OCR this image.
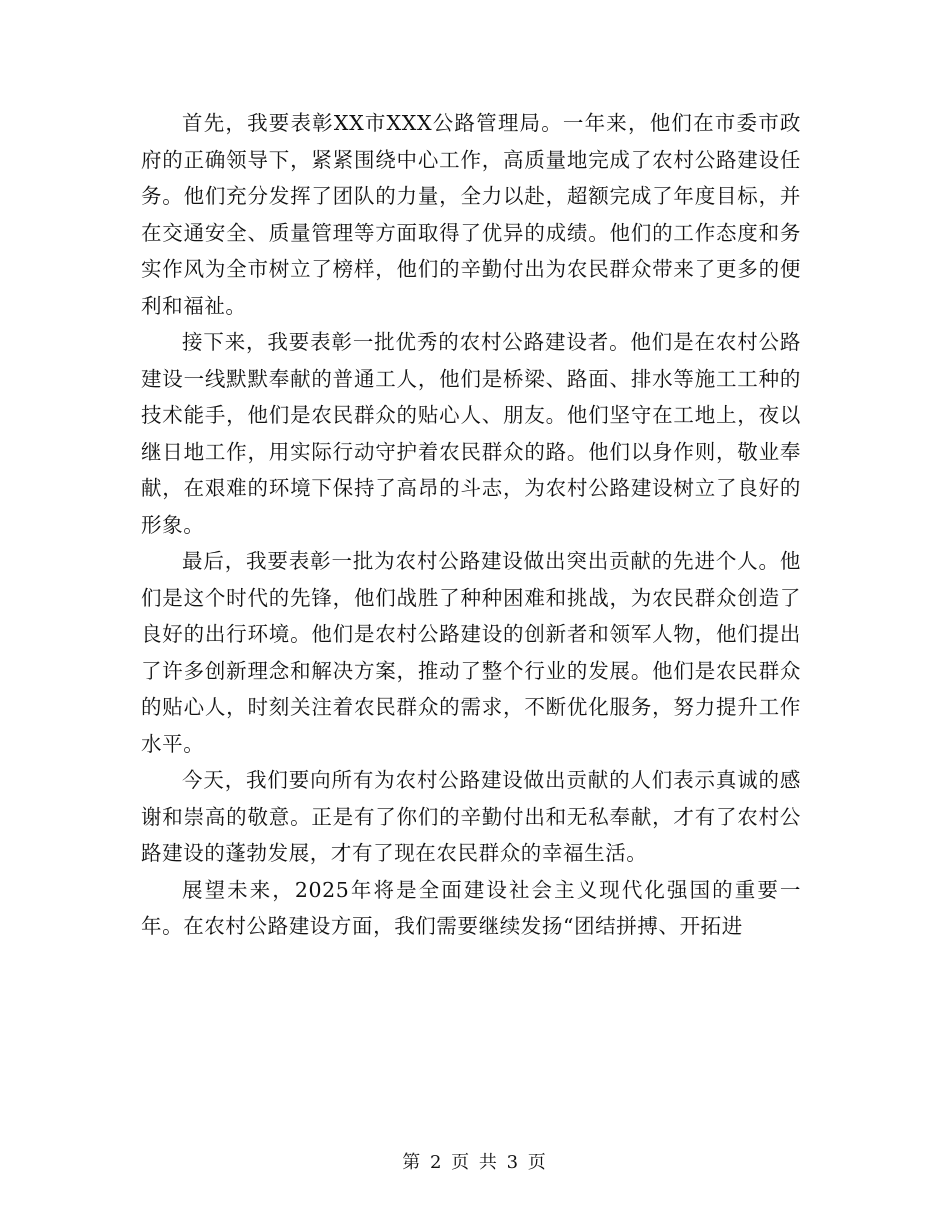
首先，我要表彰XX市XXX公路管理局。一年来，他们在市委市政府的正确领导下，紧紧围绕中心工作，高质量地完成了农村公路建设任务。他们充分发挥了团队的力量，全力以赴，超额完成了年度目标，并在交通安全、质量管理等方面取得了优异的成绩。他们的工作态度和务实作风为全市树立了榜样，他们的辛勤付出为农民群众带来了更多的便利和福祉。

接下来，我要表彰一批优秀的农村公路建设者。他们是在农村公路建设一线默默奉献的普通工人，他们是桥梁、路面、排水等施工工种的技术能手，他们是农民群众的贴心人、朋友。他们坚守在工地上，夜以继日地工作，用实际行动守护着农民群众的路。他们以身作则，敬业奉献，在艰难的环境下保持了高昂的斗志，为农村公路建设树立了良好的形象。

最后，我要表彰一批为农村公路建设做出突出贡献的先进个人。他们是这个时代的先锋，他们战胜了种种困难和挑战，为农民群众创造了良好的出行环境。他们是农村公路建设的创新者和领军人物，他们提出了许多创新理念和解决方案，推动了整个行业的发展。他们是农民群众的贴心人，时刻关注着农民群众的需求，不断优化服务，努力提升工作水平。

今天，我们要向所有为农村公路建设做出贡献的人们表示真诚的感谢和崇高的敬意。正是有了你们的辛勤付出和无私奉献，才有了农村公路建设的蓬勃发展，才有了现在农民群众的幸福生活。

展望未来，2025年将是全面建设社会主义现代化强国的重要一年。在农村公路建设方面，我们需要继续发扬“团结拼搏、开拓进

第 2 页 共 3 页
